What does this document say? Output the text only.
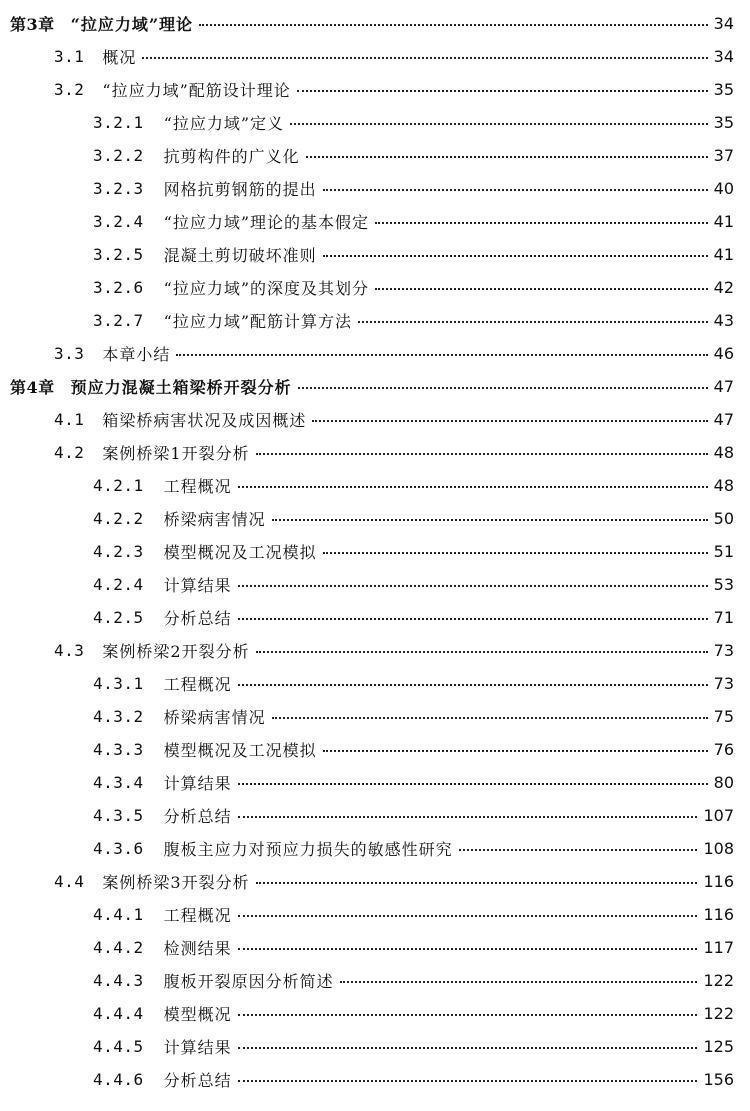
第3章 “拉应力域”理论	34
3.1 概况	34
3.2 “拉应力域”配筋设计理论	35
3.2.1 “拉应力域”定义	35
3.2.2 抗剪构件的广义化	37
3.2.3 网格抗剪钢筋的提出	40
3.2.4 “拉应力域”理论的基本假定	41
3.2.5 混凝土剪切破坏准则	41
3.2.6 “拉应力域”的深度及其划分	42
3.2.7 “拉应力域”配筋计算方法	43
3.3 本章小结	46
第4章 预应力混凝土箱梁桥开裂分析	47
4.1 箱梁桥病害状况及成因概述	47
4.2 案例桥梁1开裂分析	48
4.2.1 工程概况	48
4.2.2 桥梁病害情况	50
4.2.3 模型概况及工况模拟	51
4.2.4 计算结果	53
4.2.5 分析总结	71
4.3 案例桥梁2开裂分析	73
4.3.1 工程概况	73
4.3.2 桥梁病害情况	75
4.3.3 模型概况及工况模拟	76
4.3.4 计算结果	80
4.3.5 分析总结	107
4.3.6 腹板主应力对预应力损失的敏感性研究	108
4.4 案例桥梁3开裂分析	116
4.4.1 工程概况	116
4.4.2 检测结果	117
4.4.3 腹板开裂原因分析简述	122
4.4.4 模型概况	122
4.4.5 计算结果	125
4.4.6 分析总结	156
